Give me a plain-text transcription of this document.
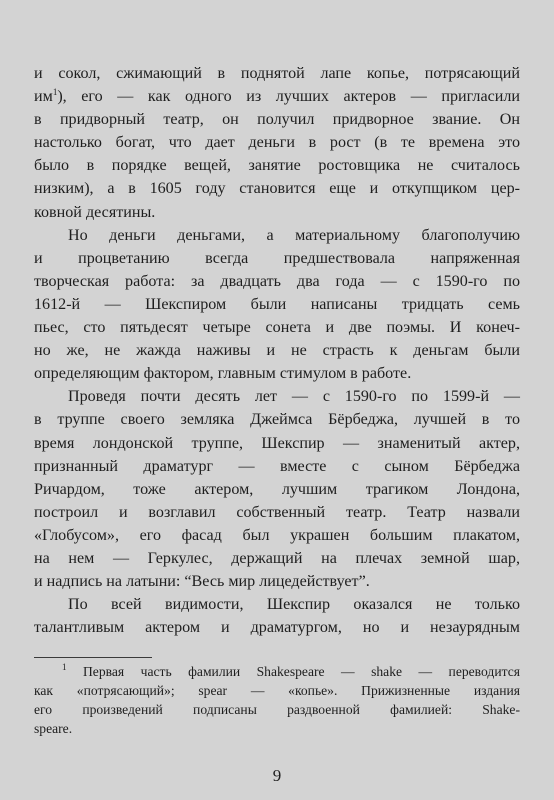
и сокол, сжимающий в поднятой лапе копье, потрясающий
$им^1$), его — как одного из лучших актеров — пригласили
в придворный театр, он получил придворное звание. Он
настолько богат, что дает деньги в рост (в те времена это
было в порядке вещей, занятие ростовщика не считалось
низким), а в 1605 году становится еще и откупщиком цер-
ковной десятины.
Но деньги деньгами, а материальному благополучию
и процветанию всегда предшествовала напряженная
творческая работа: за двадцать два года — с 1590-го по
1612-й — Шекспиром были написаны тридцать семь
пьес, сто пятьдесят четыре сонета и две поэмы. И конеч-
но же, не жажда наживы и не страсть к деньгам были
определяющим фактором, главным стимулом в работе.
Проведя почти десять лет — с 1590-го по 1599-й —
в труппе своего земляка Джеймса Бёрбеджа, лучшей в то
время лондонской труппе, Шекспир — знаменитый актер,
признанный драматург — вместе с сыном Бёрбеджа
Ричардом, тоже актером, лучшим трагиком Лондона,
построил и возглавил собственный театр. Театр назвали
«Глобусом», его фасад был украшен большим плакатом,
на нем — Геркулес, держащий на плечах земной шар,
и надпись на латыни: “Весь мир лицедействует”.
По всей видимости, Шекспир оказался не только
талантливым актером и драматургом, но и незаурядным
$^1$ Первая часть фамилии Shakespeare — shake — переводится
как «потрясающий»; spear — «копье». Прижизненные издания
его произведений подписаны раздвоенной фамилией: Shake-
speare.
9
